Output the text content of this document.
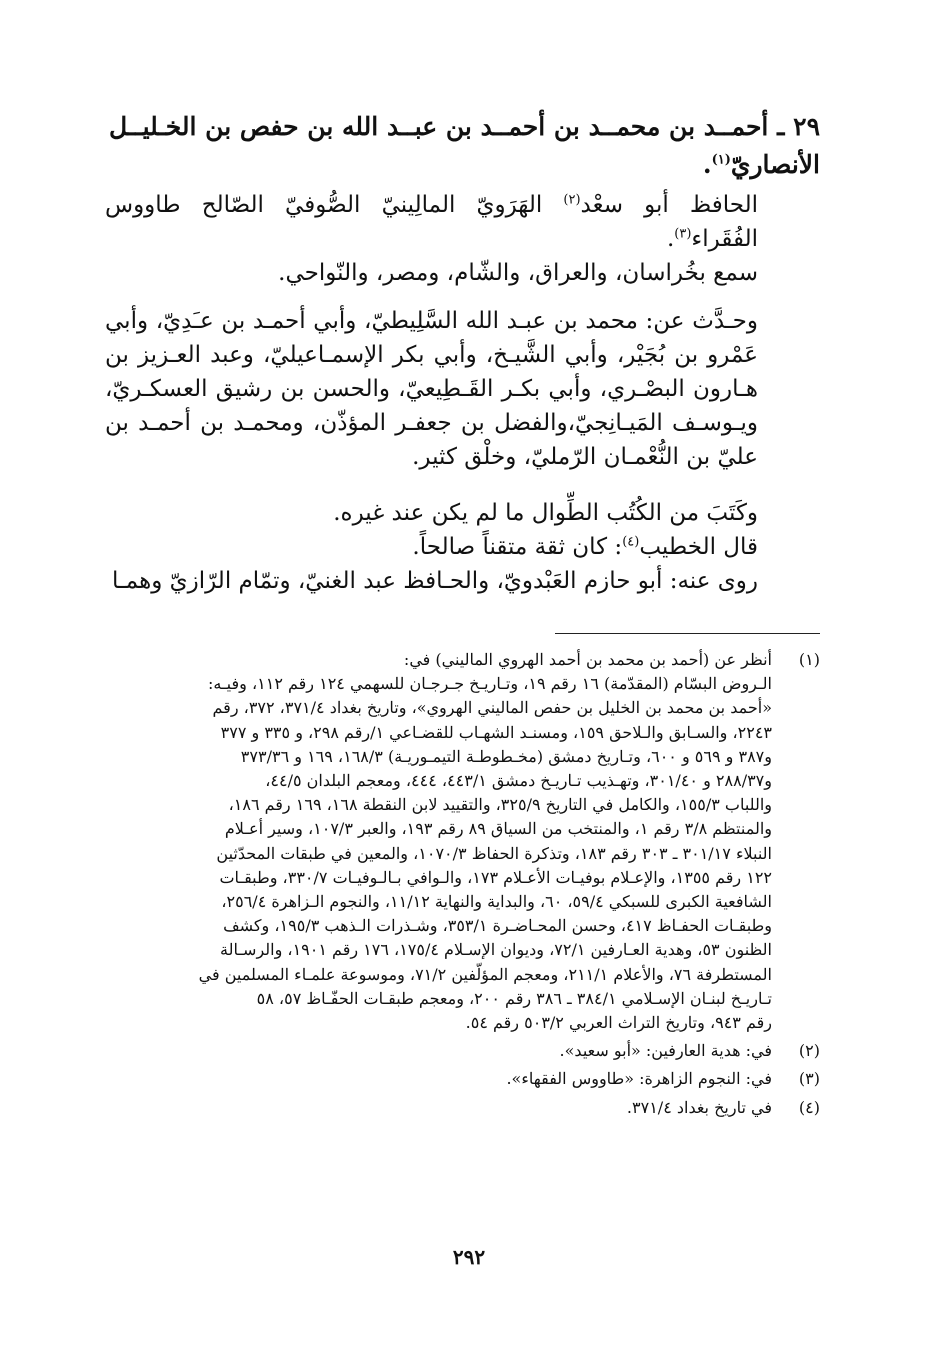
٢٩ ـ أحمــد بن محمــد بن أحمــد بن عبــد الله بن حفص بن الخـليــل
الأنصاريّ$^{(١)}$.

الحافظ أبو سعْد$^{(٢)}$ الهَرَويّ المالِينيّ الصُّوفيّ الصّالح طاووس الفُقَراء$^{(٣)}$.

سمع بخُراسان، والعراق، والشّام، ومصر، والنّواحي.

وحـدَّث عن: محمد بن عبـد الله السَّلِيطيّ، وأبي أحمـد بن عـَدِيّ، وأبي عَمْرو بن بُجَيْر، وأبي الشَّيـخ، وأبي بكر الإسمـاعيليّ، وعبد العـزيز بن هـارون البصْـري، وأبي بكـر القَـطِيعيّ، والحسن بن رشيق العسكـريّ، ويـوسـف المَيـانِجيّ،والفضل بن جعفـر المؤذّن، ومحمـد بن أحمـد بن عليّ بن النُّعْمـان الرّمليّ، وخلْق كثير.

وكَتَبَ من الكُتُب الطِّوال ما لم يكن عند غيره.

قال الخطيب$^{(٤)}$: كان ثقة متقناً صالحاً.

روى عنه: أبو حازم العَبْدويّ، والحـافظ عبد الغنيّ، وتمّام الرّازيّ وهمـا

(١)
أنظر عن (أحمد بن محمد بن أحمد الهروي الماليني) في:
الـروض البسّام (المقدّمة) ١٦ رقم ١٩، وتـاريـخ جـرجـان للسهمي ١٢٤ رقم ١١٢، وفيـه:
«أحمد بن محمد بن الخليل بن حفص الماليني الهروي»، وتاريخ بغداد ٣٧١/٤، ٣٧٢، رقم
٢٢٤٣، والسـابق والـلاحق ١٥٩، ومسنـد الشهـاب للقضـاعي ١/رقم ٢٩٨، و ٣٣٥ و ٣٧٧
و٣٨٧ و ٥٦٩ و ٦٠٠، وتـاريخ دمشق (مخـطوطـة التيمـوريـة) ١٦٨/٣، ١٦٩ و ٣٧٣/٣٦
و٢٨٨/٣٧ و ٣٠١/٤٠، وتهـذيب تـاريـخ دمشق ٤٤٣/١، ٤٤٤، ومعجم البلدان ٤٤/٥،
واللباب ١٥٥/٣، والكامل في التاريخ ٣٢٥/٩، والتقييد لابن النقطة ١٦٨، ١٦٩ رقم ١٨٦،
والمنتظم ٣/٨ رقم ١، والمنتخب من السياق ٨٩ رقم ١٩٣، والعبر ١٠٧/٣، وسير أعـلام
النبلاء ٣٠١/١٧ ـ ٣٠٣ رقم ١٨٣، وتذكرة الحفاظ ١٠٧٠/٣، والمعين في طبقات المحدّثين
١٢٢ رقم ١٣٥٥، والإعـلام بوفيـات الأعـلام ١٧٣، والـوافي بـالـوفيـات ٣٣٠/٧، وطبقـات
الشافعية الكبرى للسبكي ٥٩/٤، ٦٠، والبداية والنهاية ١١/١٢، والنجوم الـزاهرة ٢٥٦/٤،
وطبقـات الحفـاظ ٤١٧، وحسن المحـاضـرة ٣٥٣/١، وشـذرات الـذهب ١٩٥/٣، وكشف
الظنون ٥٣، وهدية العـارفين ٧٢/١، وديوان الإسـلام ١٧٥/٤، ١٧٦ رقم ١٩٠١، والرسـالة
المستطرفة ٧٦، والأعلام ٢١١/١، ومعجم المؤلّفين ٧١/٢، وموسوعة علمـاء المسلمين في
تـاريـخ لبنـان الإسـلامي ٣٨٤/١ ـ ٣٨٦ رقم ٢٠٠، ومعجم طبقـات الحفّـاظ ٥٧، ٥٨
رقم ٩٤٣، وتاريخ التراث العربي ٥٠٣/٢ رقم ٥٤.
(٢)
في: هدية العارفين: «أبو سعيد».
(٣)
في: النجوم الزاهرة: «طاووس الفقهاء».
(٤)
في تاريخ بغداد ٣٧١/٤.
٢٩٢
